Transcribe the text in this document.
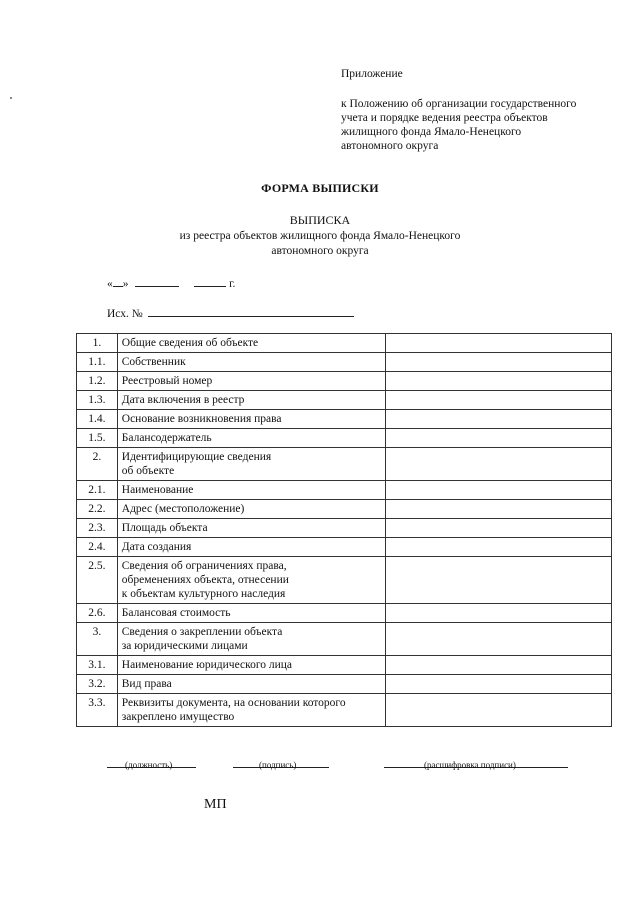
Приложение
к Положению об организации государственного
учета и порядке ведения реестра объектов
жилищного фонда Ямало-Ненецкого
автономного округа
ФОРМА ВЫПИСКИ
ВЫПИСКА
из реестра объектов жилищного фонда Ямало-Ненецкого
автономного округа
« »	г.
Исх. №
1.	Общие сведения об объекте	

1.1.	Собственник	

1.2.	Реестровый номер	

1.3.	Дата включения в реестр	

1.4.	Основание возникновения права	

1.5.	Балансодержатель	

2.	Идентифицирующие сведения
об объекте	

2.1.	Наименование	

2.2.	Адрес (местоположение)	

2.3.	Площадь объекта	

2.4.	Дата создания	

2.5.	Сведения об ограничениях права,
обременениях объекта, отнесении
к объектам культурного наследия	

2.6.	Балансовая стоимость	

3.	Сведения о закреплении объекта
за юридическими лицами	

3.1.	Наименование юридического лица	

3.2.	Вид права	

3.3.	Реквизиты документа, на основании которого
закреплено имущество	

(должность)	(подпись)	(расшифровка подписи)
МП
